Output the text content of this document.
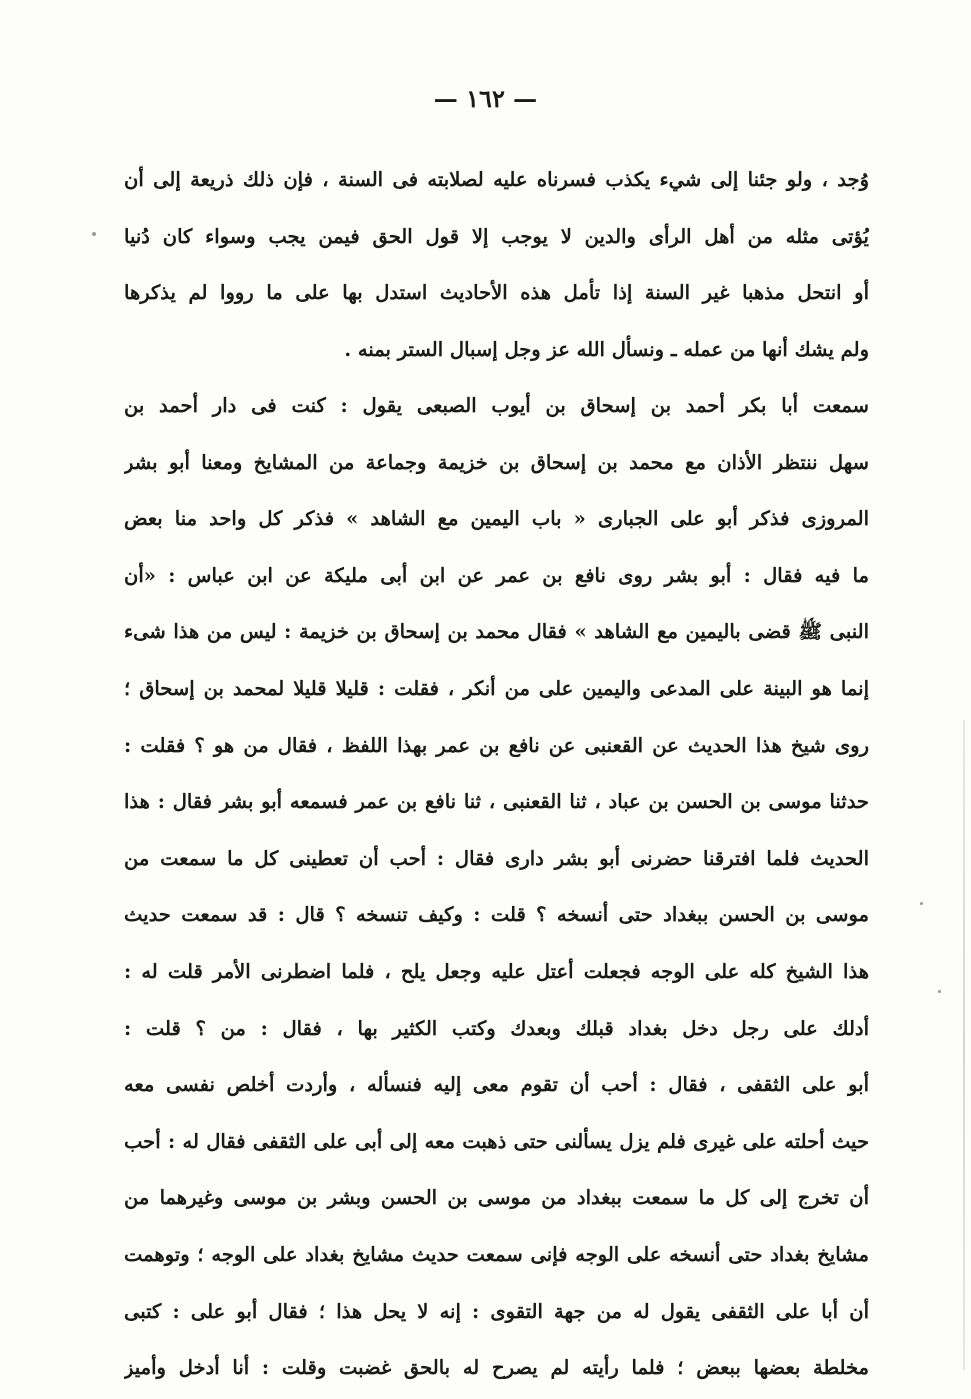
— ١٦٢ —
وُجد ، ولو جئنا إلى شيء يكذب فسرناه عليه لصلابته فى السنة ، فإن ذلك ذريعة إلى أن
يُؤتى مثله من أهل الرأى والدين لا يوجب إلا قول الحق فيمن يجب وسواء كان دُنيا
أو انتحل مذهبا غير السنة إذا تأمل هذه الأحاديث استدل بها على ما رووا لم يذكرها
ولم يشك أنها من عمله ـ ونسأل الله عز وجل إسبال الستر بمنه .
سمعت أبا بكر أحمد بن إسحاق بن أيوب الصبعى يقول : كنت فى دار أحمد بن
سهل ننتظر الأذان مع محمد بن إسحاق بن خزيمة وجماعة من المشايخ ومعنا أبو بشر
المروزى فذكر أبو على الجبارى « باب اليمين مع الشاهد » فذكر كل واحد منا بعض
ما فيه فقال : أبو بشر روى نافع بن عمر عن ابن أبى مليكة عن ابن عباس : «أن
النبى ﷺ قضى باليمين مع الشاهد » فقال محمد بن إسحاق بن خزيمة : ليس من هذا شىء
إنما هو البينة على المدعى واليمين على من أنكر ، فقلت : قليلا قليلا لمحمد بن إسحاق ؛
روى شيخ هذا الحديث عن القعنبى عن نافع بن عمر بهذا اللفظ ، فقال من هو ؟ فقلت :
حدثنا موسى بن الحسن بن عباد ، ثنا القعنبى ، ثنا نافع بن عمر فسمعه أبو بشر فقال : هذا
الحديث فلما افترقنا حضرنى أبو بشر دارى فقال : أحب أن تعطينى كل ما سمعت من
موسى بن الحسن ببغداد حتى أنسخه ؟ قلت : وكيف تنسخه ؟ قال : قد سمعت حديث
هذا الشيخ كله على الوجه فجعلت أعتل عليه وجعل يلح ، فلما اضطرنى الأمر قلت له :
أدلك على رجل دخل بغداد قبلك وبعدك وكتب الكثير بها ، فقال : من ؟ قلت :
أبو على الثقفى ، فقال : أحب أن تقوم معى إليه فنسأله ، وأردت أخلص نفسى معه
حيث أحلته على غيرى فلم يزل يسألنى حتى ذهبت معه إلى أبى على الثقفى فقال له : أحب
أن تخرج إلى كل ما سمعت ببغداد من موسى بن الحسن وبشر بن موسى وغيرهما من
مشايخ بغداد حتى أنسخه على الوجه فإنى سمعت حديث مشايخ بغداد على الوجه ؛ وتوهمت
أن أبا على الثقفى يقول له من جهة التقوى : إنه لا يحل هذا ؛ فقال أبو على : كتبى
مخلطة بعضها ببعض ؛ فلما رأيته لم يصرح له بالحق غضبت وقلت : أنا أدخل وأميز
